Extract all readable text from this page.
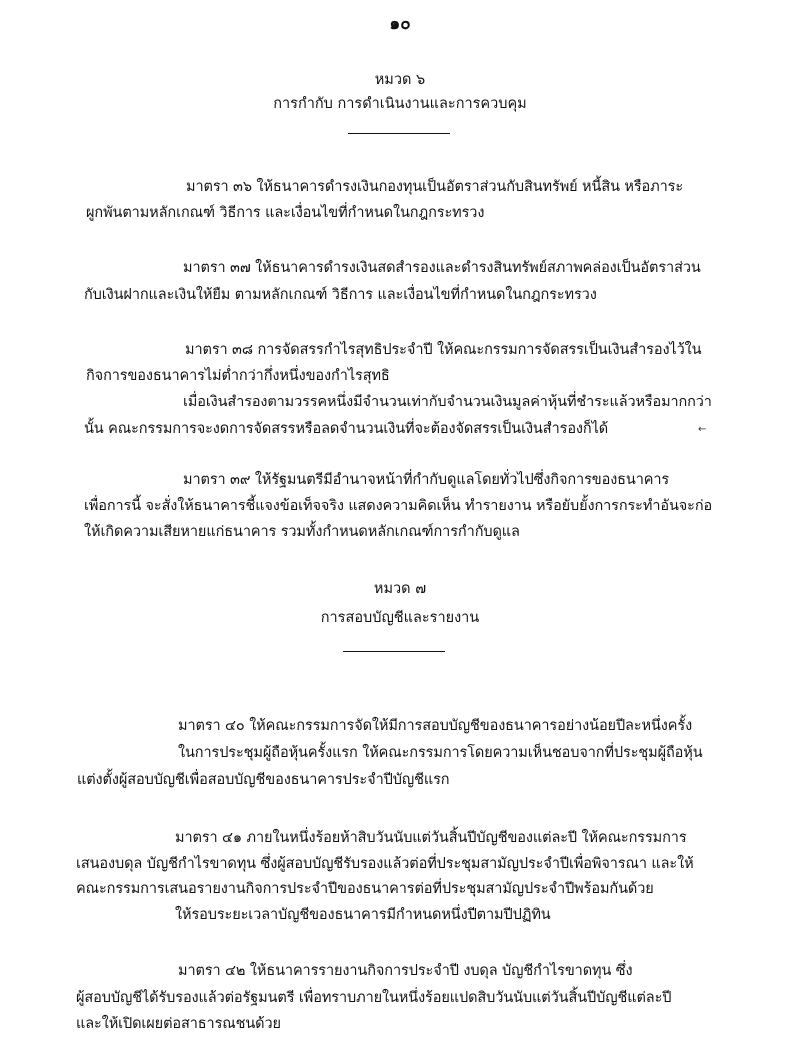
๑๐
หมวด ๖
การกำกับ การดำเนินงานและการควบคุม
มาตรา ๓๖ ให้ธนาคารดำรงเงินกองทุนเป็นอัตราส่วนกับสินทรัพย์ หนี้สิน หรือภาระ
ผูกพันตามหลักเกณฑ์ วิธีการ และเงื่อนไขที่กำหนดในกฎกระทรวง
มาตรา ๓๗ ให้ธนาคารดำรงเงินสดสำรองและดำรงสินทรัพย์สภาพคล่องเป็นอัตราส่วน
กับเงินฝากและเงินให้ยืม ตามหลักเกณฑ์ วิธีการ และเงื่อนไขที่กำหนดในกฎกระทรวง
มาตรา ๓๘ การจัดสรรกำไรสุทธิประจำปี ให้คณะกรรมการจัดสรรเป็นเงินสำรองไว้ใน
กิจการของธนาคารไม่ต่ำกว่ากึ่งหนึ่งของกำไรสุทธิ
เมื่อเงินสำรองตามวรรคหนึ่งมีจำนวนเท่ากับจำนวนเงินมูลค่าหุ้นที่ชำระแล้วหรือมากกว่า
นั้น คณะกรรมการจะงดการจัดสรรหรือลดจำนวนเงินที่จะต้องจัดสรรเป็นเงินสำรองก็ได้	←
มาตรา ๓๙ ให้รัฐมนตรีมีอำนาจหน้าที่กำกับดูแลโดยทั่วไปซึ่งกิจการของธนาคาร
เพื่อการนี้ จะสั่งให้ธนาคารชี้แจงข้อเท็จจริง แสดงความคิดเห็น ทำรายงาน หรือยับยั้งการกระทำอันจะก่อ
ให้เกิดความเสียหายแก่ธนาคาร รวมทั้งกำหนดหลักเกณฑ์การกำกับดูแล
หมวด ๗
การสอบบัญชีและรายงาน
มาตรา ๔๐ ให้คณะกรรมการจัดให้มีการสอบบัญชีของธนาคารอย่างน้อยปีละหนึ่งครั้ง
ในการประชุมผู้ถือหุ้นครั้งแรก ให้คณะกรรมการโดยความเห็นชอบจากที่ประชุมผู้ถือหุ้น
แต่งตั้งผู้สอบบัญชีเพื่อสอบบัญชีของธนาคารประจำปีบัญชีแรก
มาตรา ๔๑ ภายในหนึ่งร้อยห้าสิบวันนับแต่วันสิ้นปีบัญชีของแต่ละปี ให้คณะกรรมการ
เสนองบดุล บัญชีกำไรขาดทุน ซึ่งผู้สอบบัญชีรับรองแล้วต่อที่ประชุมสามัญประจำปีเพื่อพิจารณา และให้
คณะกรรมการเสนอรายงานกิจการประจำปีของธนาคารต่อที่ประชุมสามัญประจำปีพร้อมกันด้วย
ให้รอบระยะเวลาบัญชีของธนาคารมีกำหนดหนึ่งปีตามปีปฏิทิน
มาตรา ๔๒ ให้ธนาคารรายงานกิจการประจำปี งบดุล บัญชีกำไรขาดทุน ซึ่ง
ผู้สอบบัญชีได้รับรองแล้วต่อรัฐมนตรี เพื่อทราบภายในหนึ่งร้อยแปดสิบวันนับแต่วันสิ้นปีบัญชีแต่ละปี
และให้เปิดเผยต่อสาธารณชนด้วย
